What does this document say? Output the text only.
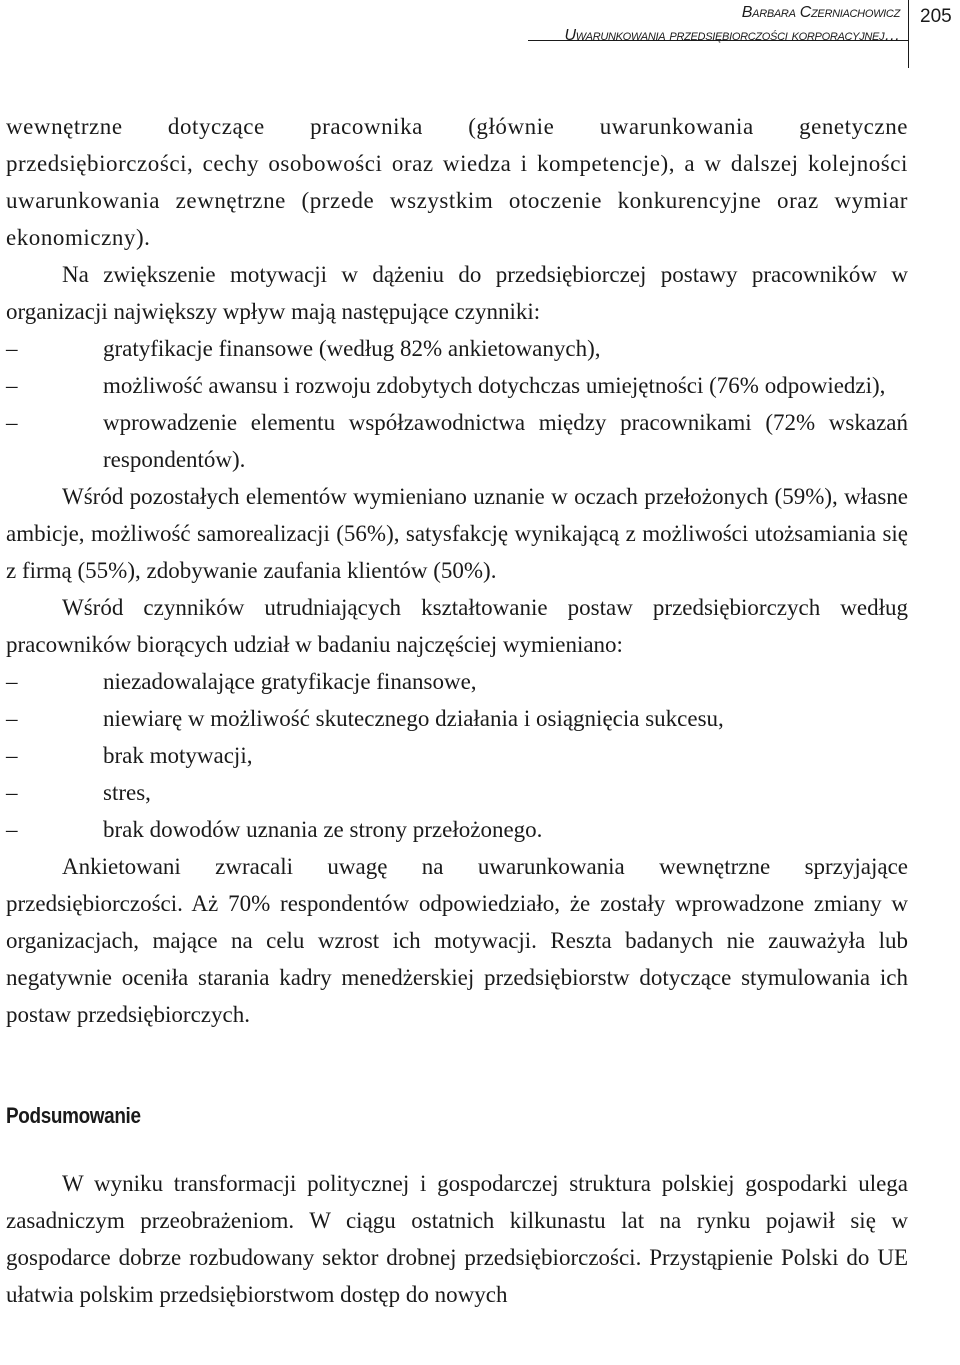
Barbara Czerniachowicz
Uwarunkowania przedsiębiorczości korporacyjnej…
205

wewnętrzne dotyczące pracownika (głównie uwarunkowania genetyczne przedsiębiorczości, cechy osobowości oraz wiedza i kompetencje), a w dalszej kolejności uwarunkowania zewnętrzne (przede wszystkim otoczenie konkurencyjne oraz wymiar ekonomiczny).

Na zwiększenie motywacji w dążeniu do przedsiębiorczej postawy pracowników w organizacji największy wpływ mają następujące czynniki:

–	gratyfikacje finansowe (według 82% ankietowanych),
–	możliwość awansu i rozwoju zdobytych dotychczas umiejętności (76% odpowiedzi),
–	wprowadzenie elementu współzawodnictwa między pracownikami (72% wskazań respondentów).

Wśród pozostałych elementów wymieniano uznanie w oczach przełożonych (59%), własne ambicje, możliwość samorealizacji (56%), satysfakcję wynikającą z możliwości utożsamiania się z firmą (55%), zdobywanie zaufania klientów (50%).

Wśród czynników utrudniających kształtowanie postaw przedsiębiorczych według pracowników biorących udział w badaniu najczęściej wymieniano:

–	niezadowalające gratyfikacje finansowe,
–	niewiarę w możliwość skutecznego działania i osiągnięcia sukcesu,
–	brak motywacji,
–	stres,
–	brak dowodów uznania ze strony przełożonego.

Ankietowani zwracali uwagę na uwarunkowania wewnętrzne sprzyjające przedsiębiorczości. Aż 70% respondentów odpowiedziało, że zostały wprowadzone zmiany w organizacjach, mające na celu wzrost ich motywacji. Reszta badanych nie zauważyła lub negatywnie oceniła starania kadry menedżerskiej przedsiębiorstw dotyczące stymulowania ich postaw przedsiębiorczych.

Podsumowanie

W wyniku transformacji politycznej i gospodarczej struktura polskiej gospodarki ulega zasadniczym przeobrażeniom. W ciągu ostatnich kilkunastu lat na rynku pojawił się w gospodarce dobrze rozbudowany sektor drobnej przedsiębiorczości. Przystąpienie Polski do UE ułatwia polskim przedsiębiorstwom dostęp do nowych
